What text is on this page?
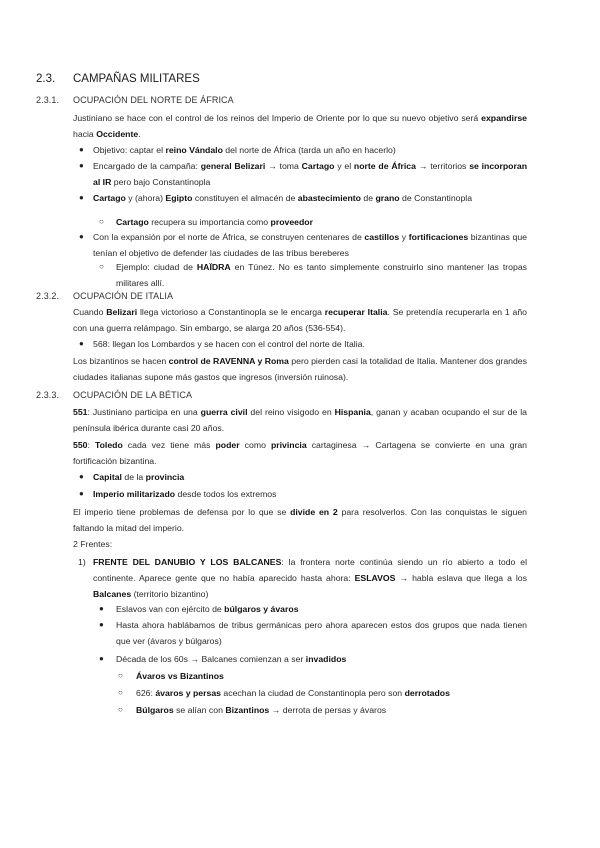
2.3. CAMPAÑAS MILITARES
2.3.1. OCUPACIÓN DEL NORTE DE ÁFRICA

Justiniano se hace con el control de los reinos del Imperio de Oriente por lo que su nuevo objetivo será expandirse hacia Occidente.

● Objetivo: captar el reino Vándalo del norte de África (tarda un año en hacerlo)

● Encargado de la campaña: general Belizari → toma Cartago y el norte de África → territorios se incorporan al IR pero bajo Constantinopla

● Cartago y (ahora) Egipto constituyen el almacén de abastecimiento de grano de Constantinopla

○ Cartago recupera su importancia como proveedor

● Con la expansión por el norte de África, se construyen centenares de castillos y fortificaciones bizantinas que tenían el objetivo de defender las ciudades de las tribus bereberes

○ Ejemplo: ciudad de HAÏDRA en Túnez. No es tanto simplemente construirlo sino mantener las tropas militares allí.

2.3.2. OCUPACIÓN DE ITALIA

Cuando Belizari llega victorioso a Constantinopla se le encarga recuperar Italia. Se pretendía recuperarla en 1 año con una guerra relámpago. Sin embargo, se alarga 20 años (536-554).

● 568: llegan los Lombardos y se hacen con el control del norte de Italia.

Los bizantinos se hacen control de RAVENNA y Roma pero pierden casi la totalidad de Italia. Mantener dos grandes ciudades italianas supone más gastos que ingresos (inversión ruinosa).

2.3.3. OCUPACIÓN DE LA BÉTICA

551: Justiniano participa en una guerra civil del reino visigodo en Hispania, ganan y acaban ocupando el sur de la península ibérica durante casi 20 años.

550: Toledo cada vez tiene más poder como privincia cartaginesa → Cartagena se convierte en una gran fortificación bizantina.

● Capital de la provincia

● Imperio militarizado desde todos los extremos

El imperio tiene problemas de defensa por lo que se divide en 2 para resolverlos. Con las conquistas le siguen faltando la mitad del imperio.

2 Frentes:

1) FRENTE DEL DANUBIO Y LOS BALCANES: la frontera norte continúa siendo un río abierto a todo el continente. Aparece gente que no había aparecido hasta ahora: ESLAVOS → habla eslava que llega a los Balcanes (territorio bizantino)

● Eslavos van con ejército de búlgaros y ávaros

● Hasta ahora hablábamos de tribus germánicas pero ahora aparecen estos dos grupos que nada tienen que ver (ávaros y búlgaros)

● Década de los 60s → Balcanes comienzan a ser invadidos

○ Ávaros vs Bizantinos

○ 626: ávaros y persas acechan la ciudad de Constantinopla pero son derrotados

○ Búlgaros se alían con Bizantinos → derrota de persas y ávaros
